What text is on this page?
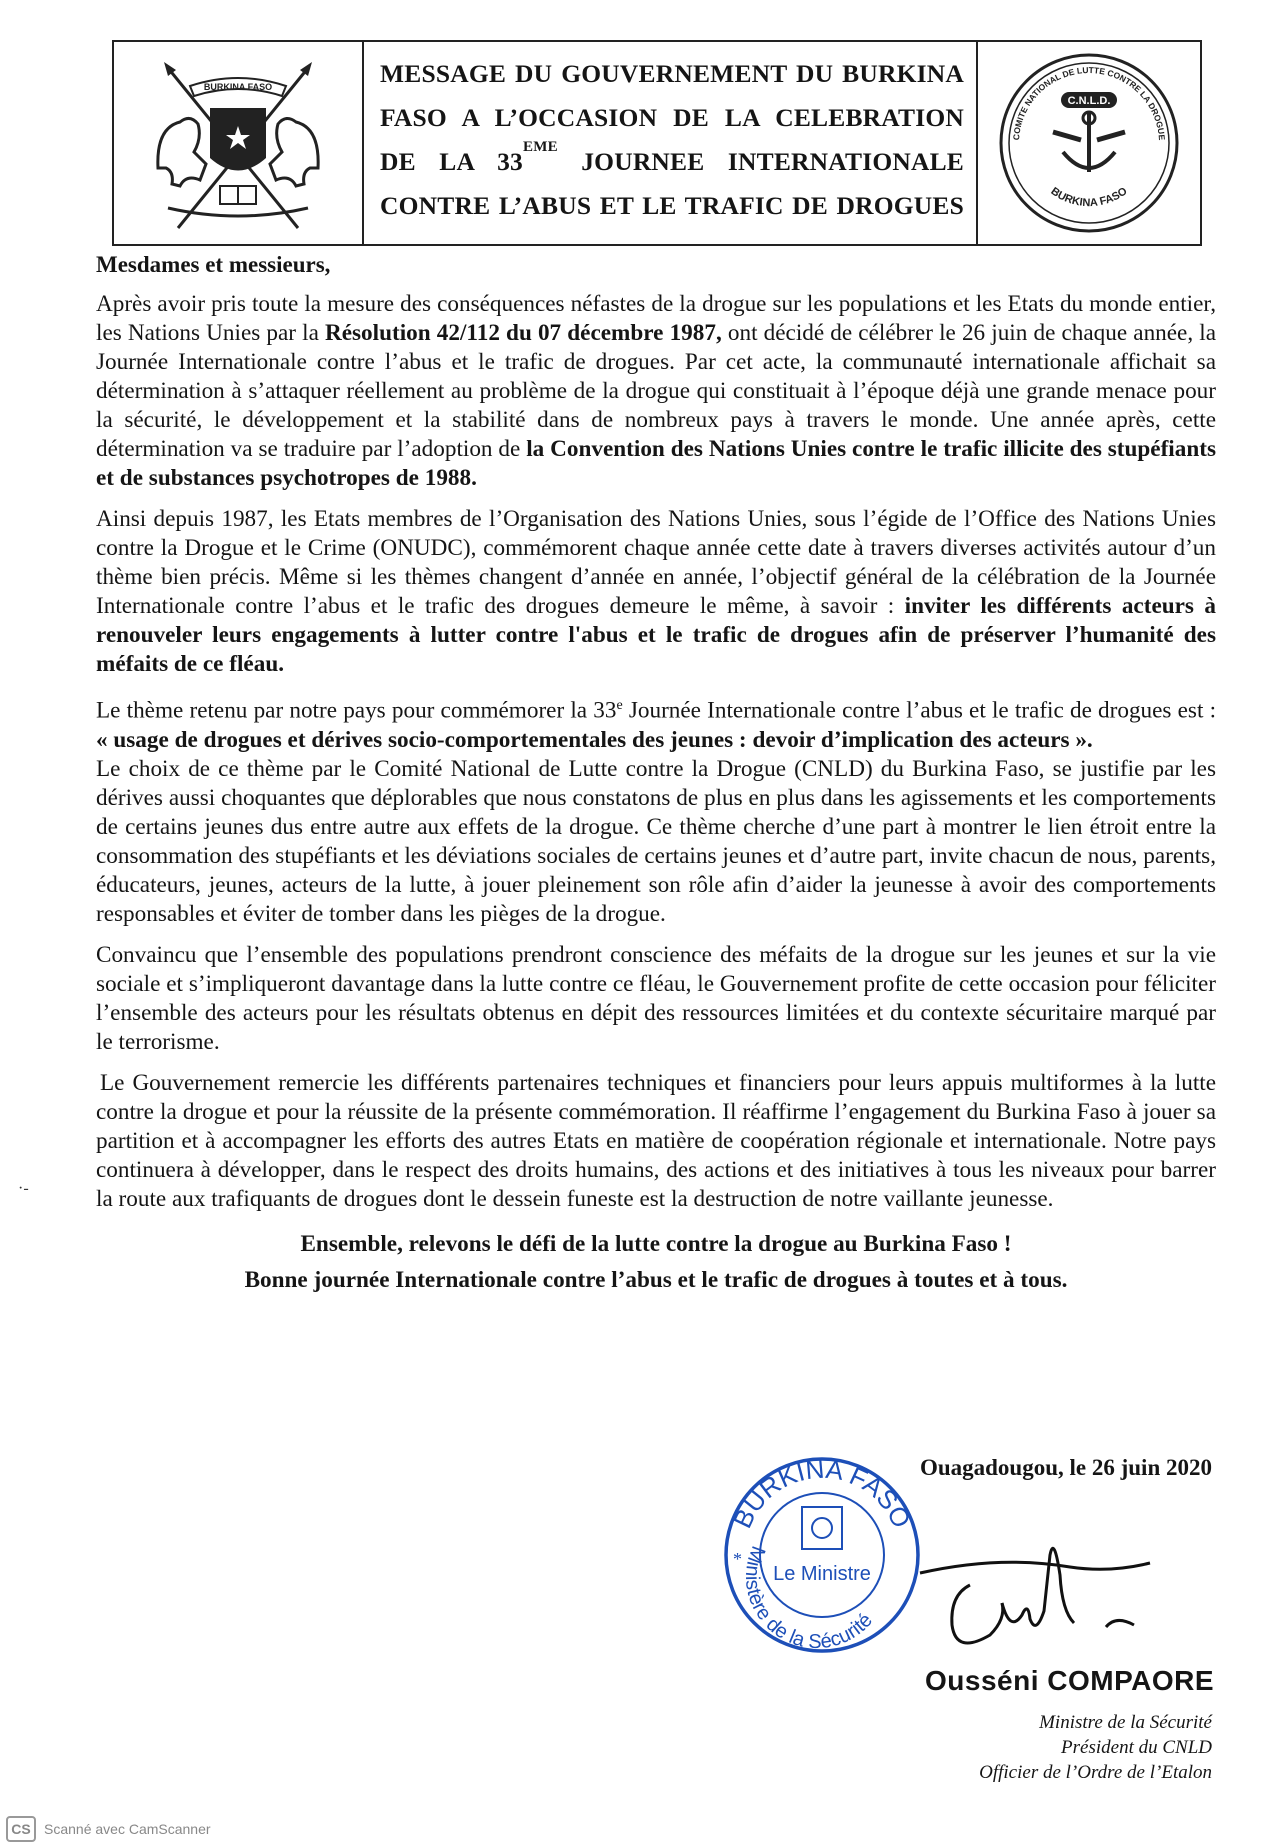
BURKINA FASO	MESSAGE DU GOUVERNEMENT DU BURKINA
FASO A L’OCCASION DE LA CELEBRATION
DE LA 33EME JOURNEE INTERNATIONALE
CONTRE L’ABUS ET LE TRAFIC DE DROGUES
COMITE NATIONAL DE LUTTE CONTRE LA DROGUE
BURKINA FASO
C.N.L.D.
Mesdames et messieurs,

Après avoir pris toute la mesure des conséquences néfastes de la drogue sur les populations et les Etats du monde entier, les Nations Unies par la Résolution 42/112 du 07 décembre 1987, ont décidé de célébrer le 26 juin de chaque année, la Journée Internationale contre l’abus et le trafic de drogues. Par cet acte, la communauté internationale affichait sa détermination à s’attaquer réellement au problème de la drogue qui constituait à l’époque déjà une grande menace pour la sécurité, le développement et la stabilité dans de nombreux pays à travers le monde. Une année après, cette détermination va se traduire par l’adoption de la Convention des Nations Unies contre le trafic illicite des stupéfiants et de substances psychotropes de 1988.

Ainsi depuis 1987, les Etats membres de l’Organisation des Nations Unies, sous l’égide de l’Office des Nations Unies contre la Drogue et le Crime (ONUDC), commémorent chaque année cette date à travers diverses activités autour d’un thème bien précis. Même si les thèmes changent d’année en année, l’objectif général de la célébration de la Journée Internationale contre l’abus et le trafic des drogues demeure le même, à savoir : inviter les différents acteurs à renouveler leurs engagements à lutter contre l'abus et le trafic de drogues afin de préserver l’humanité des méfaits de ce fléau.

Le thème retenu par notre pays pour commémorer la 33e Journée Internationale contre l’abus et le trafic de drogues est : « usage de drogues et dérives socio-comportementales des jeunes : devoir d’implication des acteurs ».

Le choix de ce thème par le Comité National de Lutte contre la Drogue (CNLD) du Burkina Faso, se justifie par les dérives aussi choquantes que déplorables que nous constatons de plus en plus dans les agissements et les comportements de certains jeunes dus entre autre aux effets de la drogue. Ce thème cherche d’une part à montrer le lien étroit entre la consommation des stupéfiants et les déviations sociales de certains jeunes et d’autre part, invite chacun de nous, parents, éducateurs, jeunes, acteurs de la lutte, à jouer pleinement son rôle afin d’aider la jeunesse à avoir des comportements responsables et éviter de tomber dans les pièges de la drogue.

Convaincu que l’ensemble des populations prendront conscience des méfaits de la drogue sur les jeunes et sur la vie sociale et s’impliqueront davantage dans la lutte contre ce fléau, le Gouvernement profite de cette occasion pour féliciter l’ensemble des acteurs pour les résultats obtenus en dépit des ressources limitées et du contexte sécuritaire marqué par le terrorisme.

Le Gouvernement remercie les différents partenaires techniques et financiers pour leurs appuis multiformes à la lutte contre la drogue et pour la réussite de la présente commémoration. Il réaffirme l’engagement du Burkina Faso à jouer sa partition et à accompagner les efforts des autres Etats en matière de coopération régionale et internationale. Notre pays continuera à développer, dans le respect des droits humains, des actions et des initiatives à tous les niveaux pour barrer la route aux trafiquants de drogues dont le dessein funeste est la destruction de notre vaillante jeunesse.

Ensemble, relevons le défi de la lutte contre la drogue au Burkina Faso !
Bonne journée Internationale contre l’abus et le trafic de drogues à toutes et à tous.
·-
Ouagadougou, le 26 juin 2020
BURKINA FASO
Ministère de la Sécurité
Le Ministre
*
Ousséni COMPAORE
Ministre de la Sécurité
Président du CNLD
Officier de l’Ordre de l’Etalon
CS Scanné avec CamScanner
